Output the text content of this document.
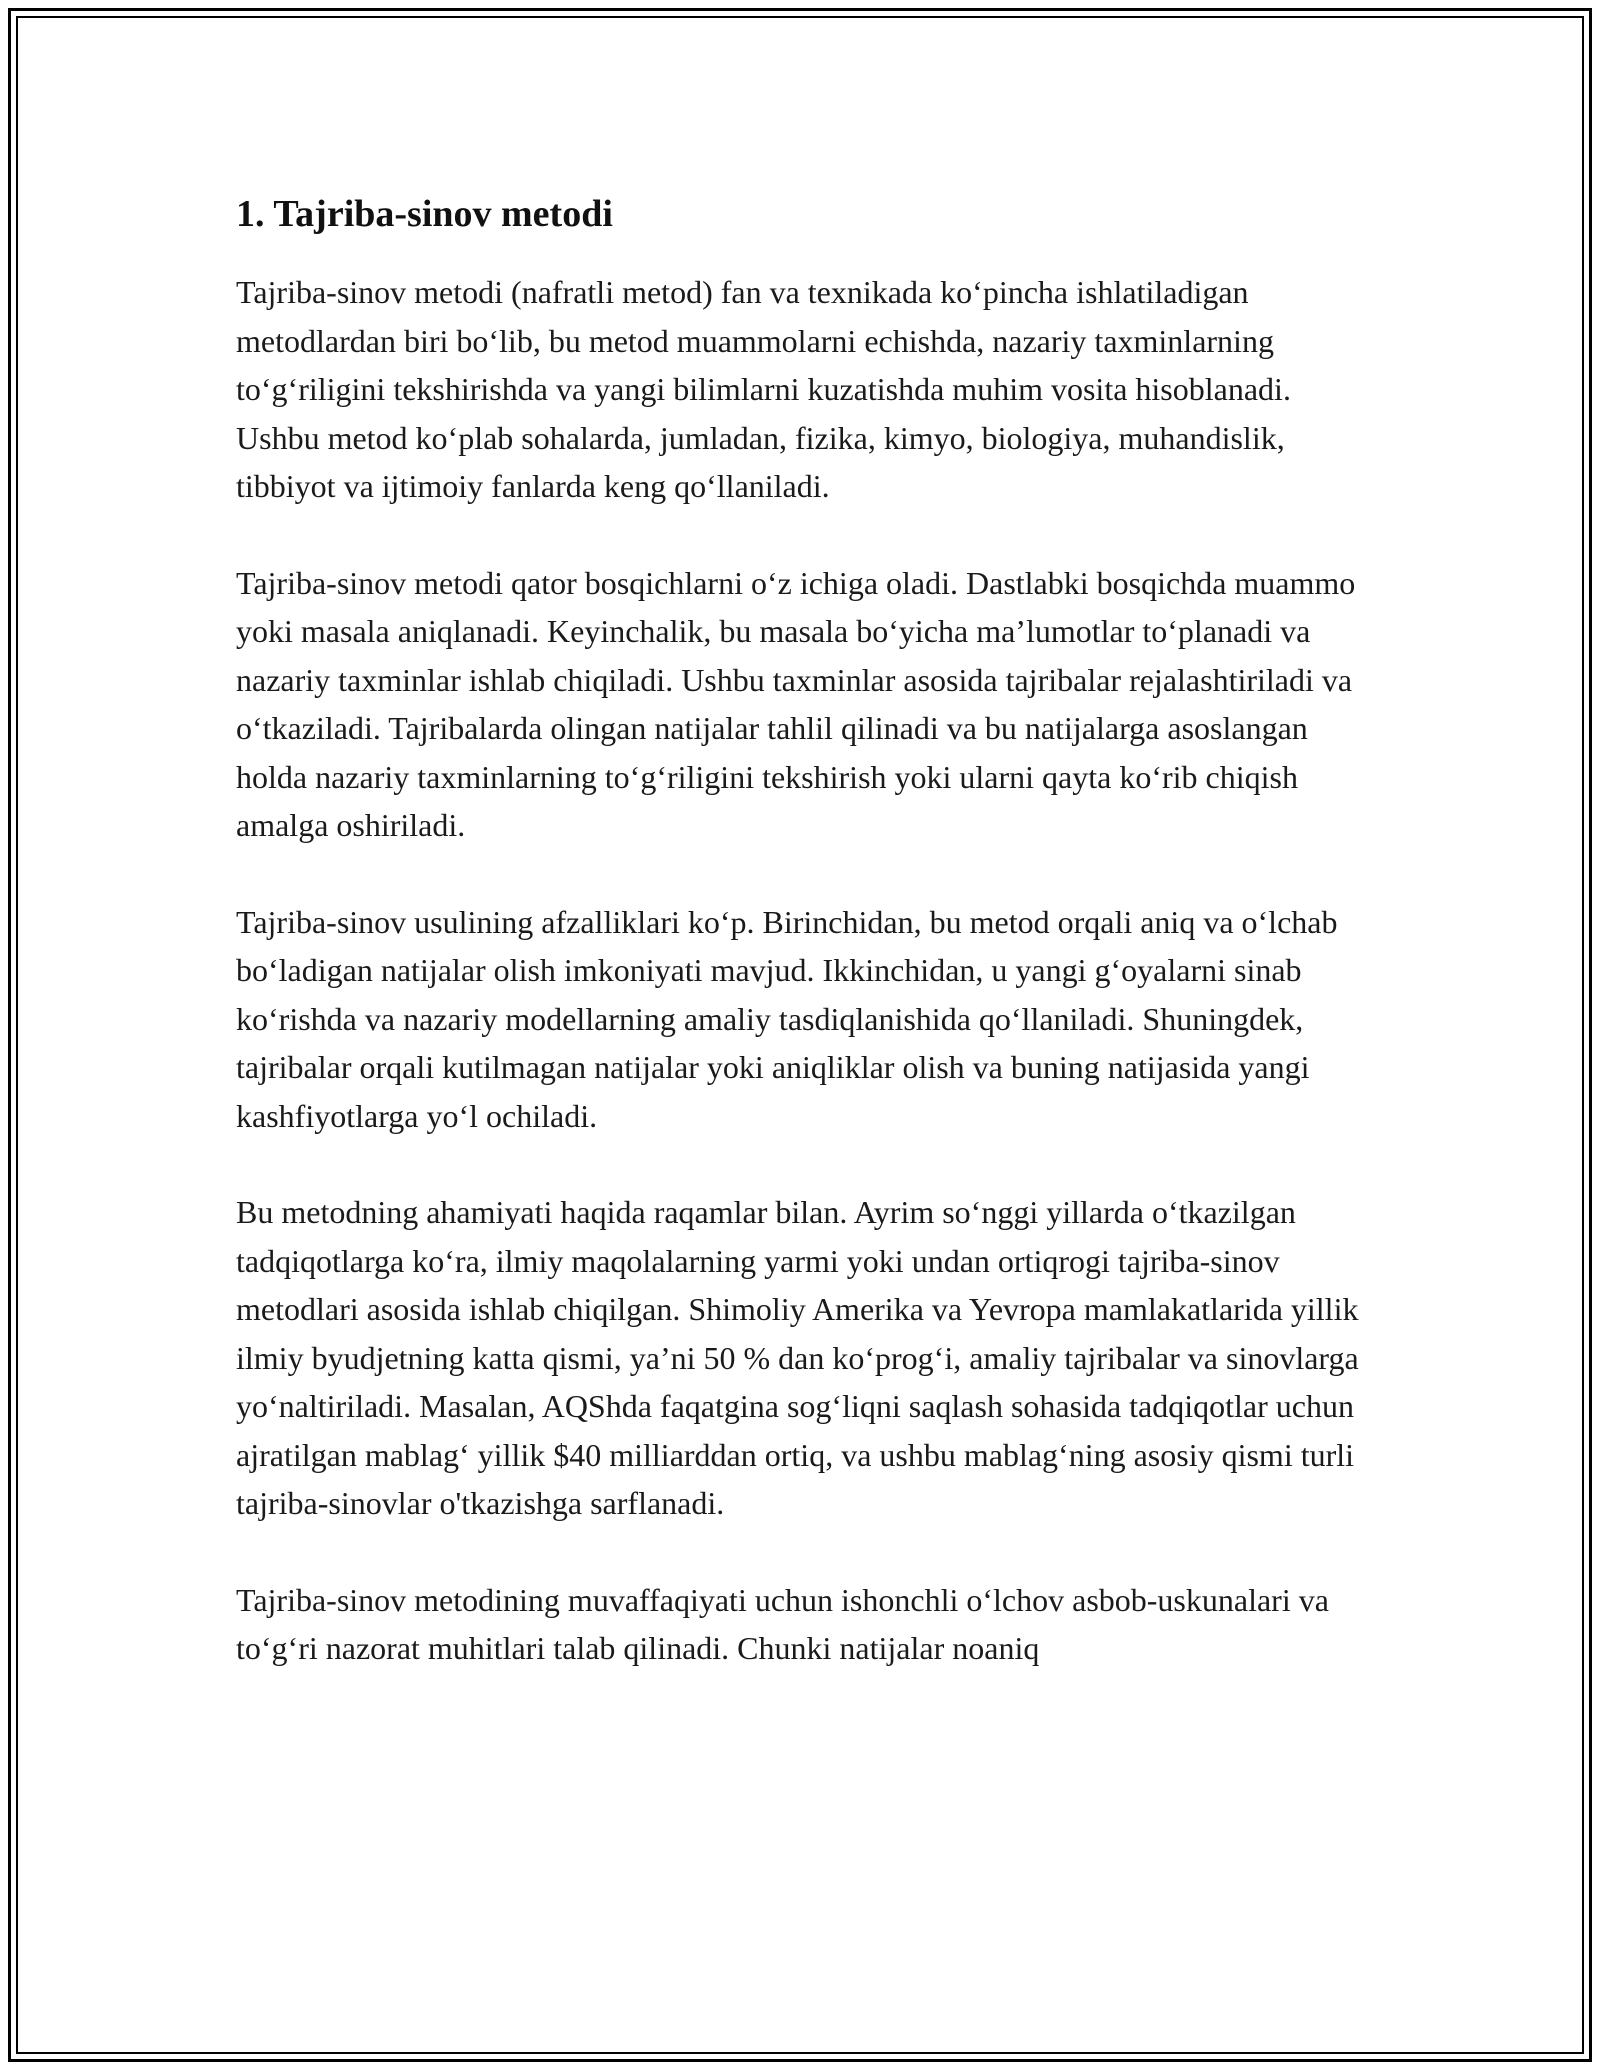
1. Tajriba-sinov metodi

Tajriba-sinov metodi (nafratli metod) fan va texnikada ko‘pincha ishlatiladigan metodlardan biri bo‘lib, bu metod muammolarni echishda, nazariy taxminlarning to‘g‘riligini tekshirishda va yangi bilimlarni kuzatishda muhim vosita hisoblanadi. Ushbu metod ko‘plab sohalarda, jumladan, fizika, kimyo, biologiya, muhandislik, tibbiyot va ijtimoiy fanlarda keng qo‘llaniladi.

Tajriba-sinov metodi qator bosqichlarni o‘z ichiga oladi. Dastlabki bosqichda muammo yoki masala aniqlanadi. Keyinchalik, bu masala bo‘yicha ma’lumotlar to‘planadi va nazariy taxminlar ishlab chiqiladi. Ushbu taxminlar asosida tajribalar rejalashtiriladi va o‘tkaziladi. Tajribalarda olingan natijalar tahlil qilinadi va bu natijalarga asoslangan holda nazariy taxminlarning to‘g‘riligini tekshirish yoki ularni qayta ko‘rib chiqish amalga oshiriladi.

Tajriba-sinov usulining afzalliklari ko‘p. Birinchidan, bu metod orqali aniq va o‘lchab bo‘ladigan natijalar olish imkoniyati mavjud. Ikkinchidan, u yangi g‘oyalarni sinab ko‘rishda va nazariy modellarning amaliy tasdiqlanishida qo‘llaniladi. Shuningdek, tajribalar orqali kutilmagan natijalar yoki aniqliklar olish va buning natijasida yangi kashfiyotlarga yo‘l ochiladi.

Bu metodning ahamiyati haqida raqamlar bilan. Ayrim so‘nggi yillarda o‘tkazilgan tadqiqotlarga ko‘ra, ilmiy maqolalarning yarmi yoki undan ortiqrogi tajriba-sinov metodlari asosida ishlab chiqilgan. Shimoliy Amerika va Yevropa mamlakatlarida yillik ilmiy byudjetning katta qismi, ya’ni 50 % dan ko‘prog‘i, amaliy tajribalar va sinovlarga yo‘naltiriladi. Masalan, AQShda faqatgina sog‘liqni saqlash sohasida tadqiqotlar uchun ajratilgan mablag‘ yillik $40 milliarddan ortiq, va ushbu mablag‘ning asosiy qismi turli tajriba-sinovlar o'tkazishga sarflanadi.

Tajriba-sinov metodining muvaffaqiyati uchun ishonchli o‘lchov asbob-uskunalari va to‘g‘ri nazorat muhitlari talab qilinadi. Chunki natijalar noaniq
